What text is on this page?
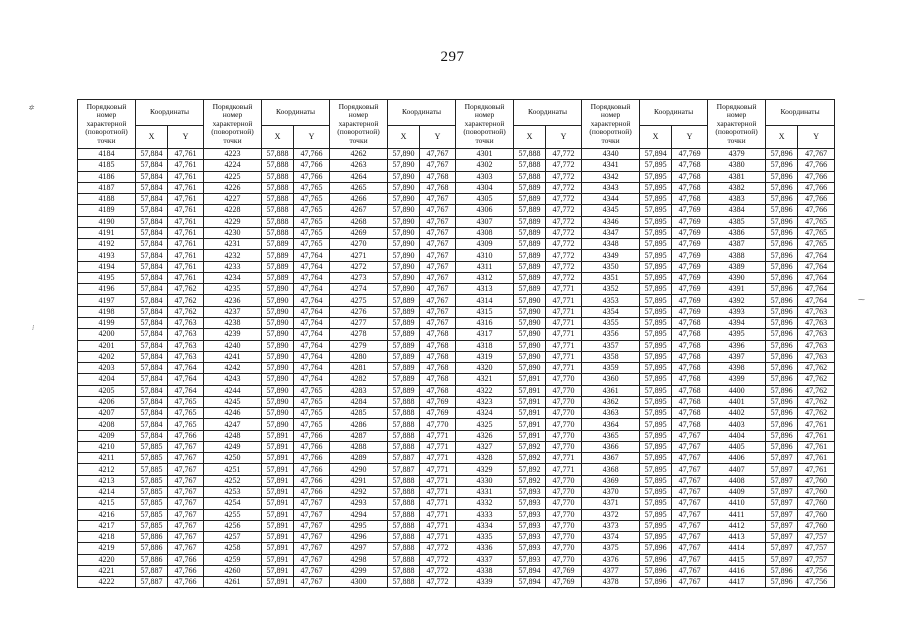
297
Порядковый номер характерной (поворотной) точки	Координаты		Порядковый номер характерной (поворотной) точки	Координаты		Порядковый номер характерной (поворотной) точки	Координаты		Порядковый номер характерной (поворотной) точки	Координаты		Порядковый номер характерной (поворотной) точки	Координаты		Порядковый номер характерной (поворотной) точки	Координаты	
	X	Y		X	Y		X	Y		X	Y		X	Y		X	Y
4184	57,884	47,761	4223	57,888	47,766	4262	57,890	47,767	4301	57,888	47,772	4340	57,894	47,769	4379	57,896	47,767
4185	57,884	47,761	4224	57,888	47,766	4263	57,890	47,767	4302	57,888	47,772	4341	57,895	47,768	4380	57,896	47,766
4186	57,884	47,761	4225	57,888	47,766	4264	57,890	47,768	4303	57,888	47,772	4342	57,895	47,768	4381	57,896	47,766
4187	57,884	47,761	4226	57,888	47,765	4265	57,890	47,768	4304	57,889	47,772	4343	57,895	47,768	4382	57,896	47,766
4188	57,884	47,761	4227	57,888	47,765	4266	57,890	47,767	4305	57,889	47,772	4344	57,895	47,768	4383	57,896	47,766
4189	57,884	47,761	4228	57,888	47,765	4267	57,890	47,767	4306	57,889	47,772	4345	57,895	47,769	4384	57,896	47,766
4190	57,884	47,761	4229	57,888	47,765	4268	57,890	47,767	4307	57,889	47,772	4346	57,895	47,769	4385	57,896	47,765
4191	57,884	47,761	4230	57,888	47,765	4269	57,890	47,767	4308	57,889	47,772	4347	57,895	47,769	4386	57,896	47,765
4192	57,884	47,761	4231	57,889	47,765	4270	57,890	47,767	4309	57,889	47,772	4348	57,895	47,769	4387	57,896	47,765
4193	57,884	47,761	4232	57,889	47,764	4271	57,890	47,767	4310	57,889	47,772	4349	57,895	47,769	4388	57,896	47,764
4194	57,884	47,761	4233	57,889	47,764	4272	57,890	47,767	4311	57,889	47,772	4350	57,895	47,769	4389	57,896	47,764
4195	57,884	47,761	4234	57,889	47,764	4273	57,890	47,767	4312	57,889	47,772	4351	57,895	47,769	4390	57,896	47,764
4196	57,884	47,762	4235	57,890	47,764	4274	57,890	47,767	4313	57,889	47,771	4352	57,895	47,769	4391	57,896	47,764
4197	57,884	47,762	4236	57,890	47,764	4275	57,889	47,767	4314	57,890	47,771	4353	57,895	47,769	4392	57,896	47,764
4198	57,884	47,762	4237	57,890	47,764	4276	57,889	47,767	4315	57,890	47,771	4354	57,895	47,769	4393	57,896	47,763
4199	57,884	47,763	4238	57,890	47,764	4277	57,889	47,767	4316	57,890	47,771	4355	57,895	47,768	4394	57,896	47,763
4200	57,884	47,763	4239	57,890	47,764	4278	57,889	47,768	4317	57,890	47,771	4356	57,895	47,768	4395	57,896	47,763
4201	57,884	47,763	4240	57,890	47,764	4279	57,889	47,768	4318	57,890	47,771	4357	57,895	47,768	4396	57,896	47,763
4202	57,884	47,763	4241	57,890	47,764	4280	57,889	47,768	4319	57,890	47,771	4358	57,895	47,768	4397	57,896	47,763
4203	57,884	47,764	4242	57,890	47,764	4281	57,889	47,768	4320	57,890	47,771	4359	57,895	47,768	4398	57,896	47,762
4204	57,884	47,764	4243	57,890	47,764	4282	57,889	47,768	4321	57,891	47,770	4360	57,895	47,768	4399	57,896	47,762
4205	57,884	47,764	4244	57,890	47,765	4283	57,889	47,768	4322	57,891	47,770	4361	57,895	47,768	4400	57,896	47,762
4206	57,884	47,765	4245	57,890	47,765	4284	57,888	47,769	4323	57,891	47,770	4362	57,895	47,768	4401	57,896	47,762
4207	57,884	47,765	4246	57,890	47,765	4285	57,888	47,769	4324	57,891	47,770	4363	57,895	47,768	4402	57,896	47,762
4208	57,884	47,765	4247	57,890	47,765	4286	57,888	47,770	4325	57,891	47,770	4364	57,895	47,768	4403	57,896	47,761
4209	57,884	47,766	4248	57,891	47,766	4287	57,888	47,771	4326	57,891	47,770	4365	57,895	47,767	4404	57,896	47,761
4210	57,885	47,767	4249	57,891	47,766	4288	57,888	47,771	4327	57,892	47,770	4366	57,895	47,767	4405	57,896	47,761
4211	57,885	47,767	4250	57,891	47,766	4289	57,887	47,771	4328	57,892	47,771	4367	57,895	47,767	4406	57,897	47,761
4212	57,885	47,767	4251	57,891	47,766	4290	57,887	47,771	4329	57,892	47,771	4368	57,895	47,767	4407	57,897	47,761
4213	57,885	47,767	4252	57,891	47,766	4291	57,888	47,771	4330	57,892	47,770	4369	57,895	47,767	4408	57,897	47,760
4214	57,885	47,767	4253	57,891	47,766	4292	57,888	47,771	4331	57,893	47,770	4370	57,895	47,767	4409	57,897	47,760
4215	57,885	47,767	4254	57,891	47,767	4293	57,888	47,771	4332	57,893	47,770	4371	57,895	47,767	4410	57,897	47,760
4216	57,885	47,767	4255	57,891	47,767	4294	57,888	47,771	4333	57,893	47,770	4372	57,895	47,767	4411	57,897	47,760
4217	57,885	47,767	4256	57,891	47,767	4295	57,888	47,771	4334	57,893	47,770	4373	57,895	47,767	4412	57,897	47,760
4218	57,886	47,767	4257	57,891	47,767	4296	57,888	47,771	4335	57,893	47,770	4374	57,895	47,767	4413	57,897	47,757
4219	57,886	47,767	4258	57,891	47,767	4297	57,888	47,772	4336	57,893	47,770	4375	57,896	47,767	4414	57,897	47,757
4220	57,886	47,766	4259	57,891	47,767	4298	57,888	47,772	4337	57,893	47,770	4376	57,896	47,767	4415	57,897	47,757
4221	57,887	47,766	4260	57,891	47,767	4299	57,888	47,772	4338	57,894	47,769	4377	57,896	47,767	4416	57,896	47,756
4222	57,887	47,766	4261	57,891	47,767	4300	57,888	47,772	4339	57,894	47,769	4378	57,896	47,767	4417	57,896	47,756
✲
⁓
⁞
